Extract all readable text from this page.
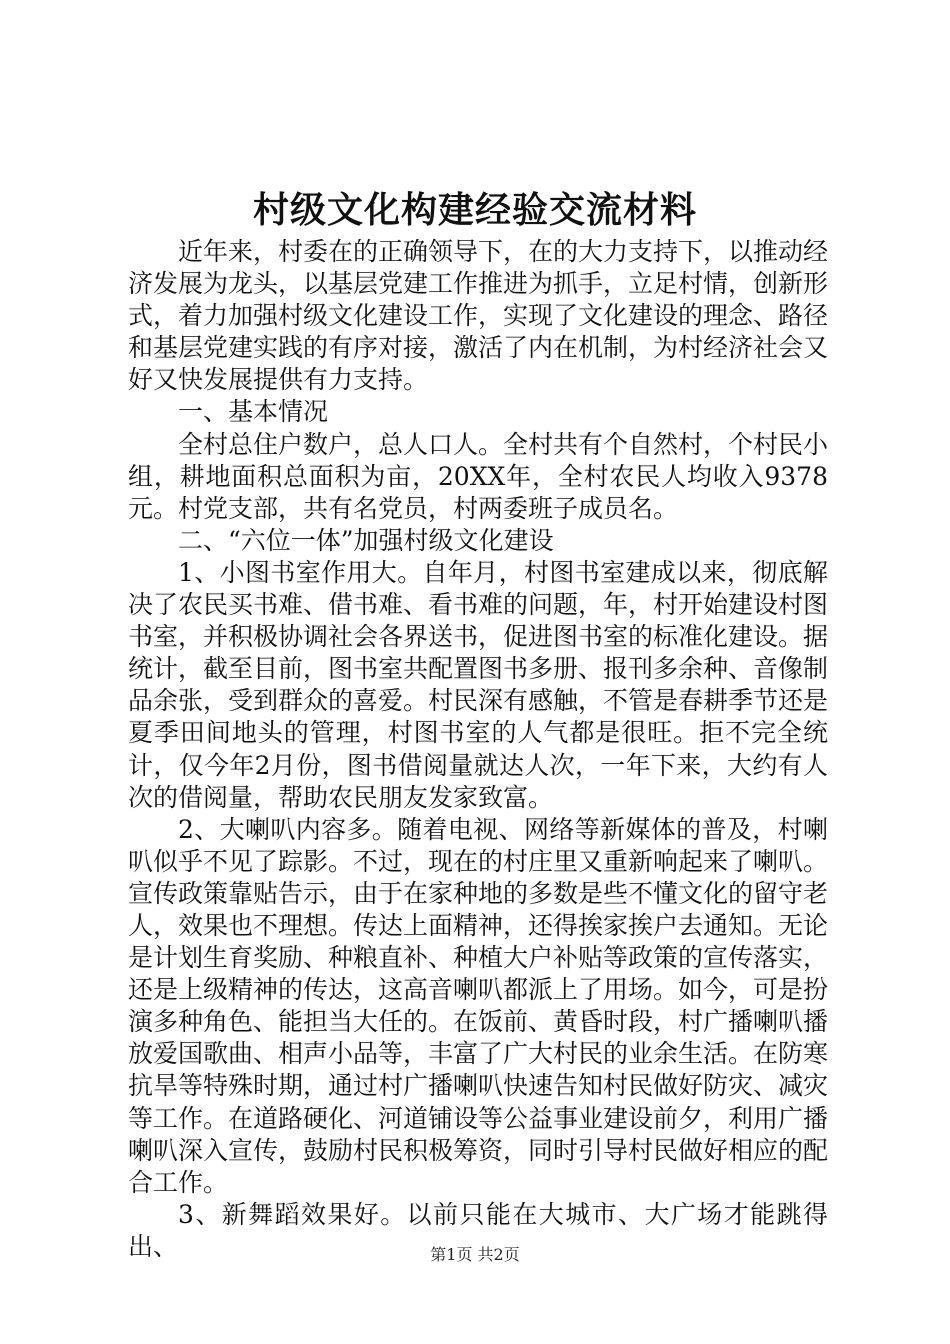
村级文化构建经验交流材料

近年来，村委在的正确领导下，在的大力支持下，以推动经济发展为龙头，以基层党建工作推进为抓手，立足村情，创新形式，着力加强村级文化建设工作，实现了文化建设的理念、路径和基层党建实践的有序对接，激活了内在机制，为村经济社会又好又快发展提供有力支持。

一、基本情况

全村总住户数户，总人口人。全村共有个自然村，个村民小组，耕地面积总面积为亩，20XX年，全村农民人均收入9378元。村党支部，共有名党员，村两委班子成员名。

二、“六位一体”加强村级文化建设

1、小图书室作用大。自年月，村图书室建成以来，彻底解决了农民买书难、借书难、看书难的问题，年，村开始建设村图书室，并积极协调社会各界送书，促进图书室的标准化建设。据统计，截至目前，图书室共配置图书多册、报刊多余种、音像制品余张，受到群众的喜爱。村民深有感触，不管是春耕季节还是夏季田间地头的管理，村图书室的人气都是很旺。拒不完全统计，仅今年2月份，图书借阅量就达人次，一年下来，大约有人次的借阅量，帮助农民朋友发家致富。

2、大喇叭内容多。随着电视、网络等新媒体的普及，村喇叭似乎不见了踪影。不过，现在的村庄里又重新响起来了喇叭。宣传政策靠贴告示，由于在家种地的多数是些不懂文化的留守老人，效果也不理想。传达上面精神，还得挨家挨户去通知。无论是计划生育奖励、种粮直补、种植大户补贴等政策的宣传落实，还是上级精神的传达，这高音喇叭都派上了用场。如今，可是扮演多种角色、能担当大任的。在饭前、黄昏时段，村广播喇叭播放爱国歌曲、相声小品等，丰富了广大村民的业余生活。在防寒抗旱等特殊时期，通过村广播喇叭快速告知村民做好防灾、减灾等工作。在道路硬化、河道铺设等公益事业建设前夕，利用广播喇叭深入宣传，鼓励村民积极筹资，同时引导村民做好相应的配合工作。

3、新舞蹈效果好。以前只能在大城市、大广场才能跳得出、	第1页 共2页
